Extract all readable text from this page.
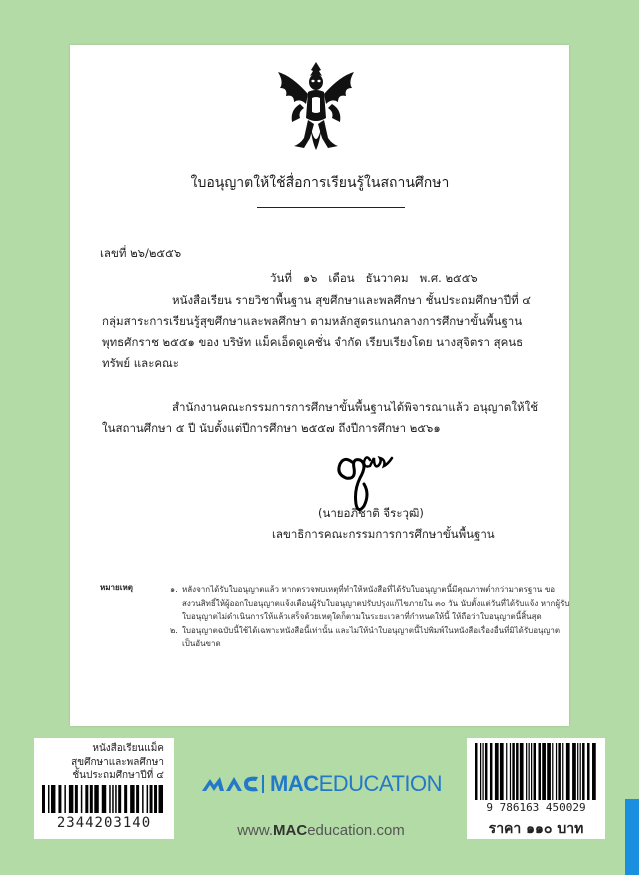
ใบอนุญาตให้ใช้สื่อการเรียนรู้ในสถานศึกษา
เลขที่ ๒๖/๒๕๕๖
วันที่   ๑๖   เดือน   ธันวาคม   พ.ศ. ๒๕๕๖

หนังสือเรียน รายวิชาพื้นฐาน สุขศึกษาและพลศึกษา ชั้นประถมศึกษาปีที่ ๔ กลุ่มสาระการเรียนรู้สุขศึกษาและพลศึกษา ตามหลักสูตรแกนกลางการศึกษาขั้นพื้นฐาน พุทธศักราช ๒๕๕๑ ของ บริษัท แม็คเอ็ดดูเคชั่น จำกัด เรียบเรียงโดย นางสุจิตรา สุคนธทรัพย์ และคณะ

สำนักงานคณะกรรมการการศึกษาขั้นพื้นฐานได้พิจารณาแล้ว อนุญาตให้ใช้ในสถานศึกษา ๕ ปี นับตั้งแต่ปีการศึกษา ๒๕๕๗ ถึงปีการศึกษา ๒๕๖๑

(นายอภิชาติ จีระวุฒิ)
เลขาธิการคณะกรรมการการศึกษาขั้นพื้นฐาน
หมายเหตุ	๑. หลังจากได้รับใบอนุญาตแล้ว หากตรวจพบเหตุที่ทำให้หนังสือที่ได้รับใบอนุญาตนี้มีคุณภาพต่ำกว่ามาตรฐาน ขอสงวนสิทธิ์ให้ผู้ออกใบอนุญาตแจ้งเตือนผู้รับใบอนุญาตปรับปรุงแก้ไขภายใน ๓๐ วัน นับตั้งแต่วันที่ได้รับแจ้ง หากผู้รับใบอนุญาตไม่ดำเนินการให้แล้วเสร็จด้วยเหตุใดก็ตามในระยะเวลาที่กำหนดให้นี้ ให้ถือว่าใบอนุญาตนี้สิ้นสุด
๒. ใบอนุญาตฉบับนี้ใช้ได้เฉพาะหนังสือนี้เท่านั้น และไม่ให้นำใบอนุญาตนี้ไปพิมพ์ในหนังสือเรื่องอื่นที่มิได้รับอนุญาตเป็นอันขาด
หนังสือเรียนแม็ค
สุขศึกษาและพลศึกษา
ชั้นประถมศึกษาปีที่ ๔
2344203140
MACEDUCATION
www.MACeducation.com
9 786163 450029
ราคา ๑๑๐ บาท
